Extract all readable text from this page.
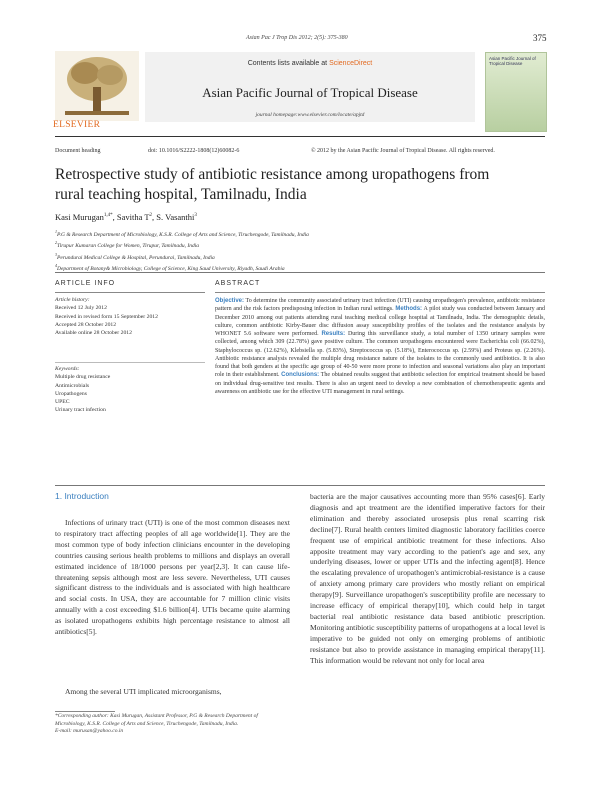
Asian Pac J Trop Dis 2012; 2(5): 375-380	375
ELSEVIER
Contents lists available at ScienceDirect
Asian Pacific Journal of Tropical Disease
journal homepage:www.elsevier.com/locate/apjtd
Asian Pacific Journal of Tropical Disease
Document heading	doi: 10.1016/S2222-1808(12)60082-6	© 2012 by the Asian Pacific Journal of Tropical Disease. All rights reserved.
Retrospective study of antibiotic resistance among uropathogens from
rural teaching hospital, Tamilnadu, India
Kasi Murugan$^{1,4*}$, Savitha $T^2$, S. Vasanthi$^3$
$^1$P.G & Research Department of Microbiology, K.S.R. College of Arts and Science, Tiruchengode, Tamilnadu, India
$^2$Tirupur Kumaran College for Women, Tirupur, Tamilnadu, India
$^3$Perundurai Medical College & Hospital, Perundurai, Tamilnadu, India
$^4$Department of Botany& Microbiology, College of Science, King Saud University, Riyadh, Saudi Arabia
ARTICLE INFO
Article history:
Received 12 July 2012
Received in revised form 15 September 2012
Accepted 28 October 2012
Available online 28 October 2012
Keywords:
Multiple drug resistance
Antimicrobials
Uropathogens
UPEC
Urinary tract infection
ABSTRACT
Objective: To determine the community associated urinary tract infection (UTI) causing uropathogen's prevalence, antibiotic resistance pattern and the risk factors predisposing infection in Indian rural settings. Methods: A pilot study was conducted between January and December 2010 among out patients attending rural teaching medical college hospital at Tamilnadu, India. The demographic details, culture, common antibiotic Kirby-Bauer disc diffusion assay susceptibility profiles of the isolates and the resistance analysis by WHONET 5.6 software were performed. Results: During this surveillance study, a total number of 1350 urinary samples were collected, among which 309 (22.78%) gave positive culture. The common uropathogens encountered were Escherichia coli (66.02%), Staphylococcus sp. (12.62%), Klebsiella sp. (5.83%), Streptococcus sp. (5.18%), Enterococcus sp. (2.59%) and Proteus sp. (2.26%). Antibiotic resistance analysis revealed the multiple drug resistance nature of the isolates to the commonly used antibiotics. It is also found that both genders at the specific age group of 40-50 were more prone to infection and seasonal variations also play an important role in their establishment. Conclusions: The obtained results suggest that antibiotic selection for empirical treatment should be based on individual drug-sensitive test results. There is also an urgent need to develop a new combination of chemotherapeutic agents and awareness on antibiotic use for the effective UTI management in rural settings.
1. Introduction
Infections of urinary tract (UTI) is one of the most common diseases next to respiratory tract affecting peoples of all age worldwide[1]. They are the most common type of body infection clinicians encounter in the developing countries causing serious health problems to millions and displays an overall estimated incidence of 18/1000 persons per year[2,3]. It can cause life-threatening sepsis although most are less severe. Nevertheless, UTI causes significant distress to the individuals and is associated with high healthcare and social costs. In USA, they are accountable for 7 million clinic visits annually with a cost exceeding $1.6 billion[4]. UTIs became quite alarming as isolated uropathogens exhibits high percentage resistance to almost all antibiotics[5].
Among the several UTI implicated microorganisms,
*Corresponding author: Kasi Murugan, Assistant Professor, P.G & Research Department of Microbiology, K.S.R. College of Arts and Science, Tiruchengode, Tamilnadu, India.
E-mail: murusan@yahoo.co.in
bacteria are the major causatives accounting more than 95% cases[6]. Early diagnosis and apt treatment are the identified imperative factors for their elimination and thereby associated urosepsis plus renal scarring risk decline[7]. Rural health centers limited diagnostic laboratory facilities coerce frequent use of empirical antibiotic treatment for these infections. Also apposite treatment may vary according to the patient's age and sex, any underlying diseases, lower or upper UTIs and the infecting agent[8]. Hence the escalating prevalence of uropathogen's antimicrobial-resistance is a cause of anxiety among primary care providers who mostly reliant on empirical therapy[9]. Surveillance uropathogen's susceptibility profile are necessary to increase efficacy of empirical therapy[10], which could help in target bacterial real antibiotic resistance data based antibiotic prescription. Monitoring antibiotic susceptibility patterns of uropathogens at a local level is imperative to be guided not only on emerging problems of antibiotic resistance but also to provide assistance in managing empirical therapy[11]. This information would be relevant not only for local area
